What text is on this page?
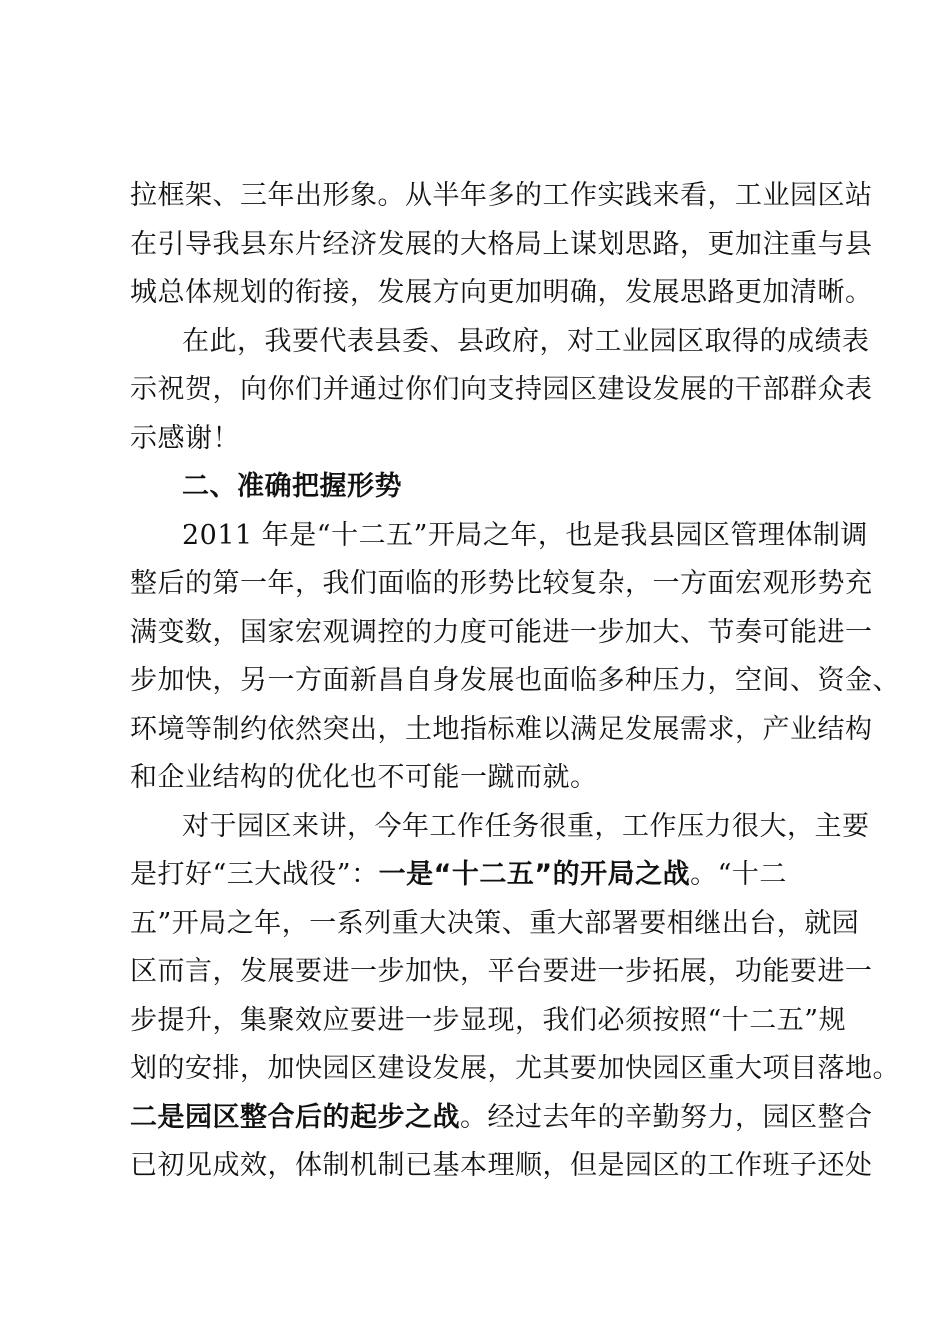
拉框架、三年出形象。从半年多的工作实践来看，工业园区站
在引导我县东片经济发展的大格局上谋划思路，更加注重与县
城总体规划的衔接，发展方向更加明确，发展思路更加清晰。
在此，我要代表县委、县政府，对工业园区取得的成绩表
示祝贺，向你们并通过你们向支持园区建设发展的干部群众表
示感谢！
二、准确把握形势
2011 年是“十二五”开局之年，也是我县园区管理体制调
整后的第一年，我们面临的形势比较复杂，一方面宏观形势充
满变数，国家宏观调控的力度可能进一步加大、节奏可能进一
步加快，另一方面新昌自身发展也面临多种压力，空间、资金、
环境等制约依然突出，土地指标难以满足发展需求，产业结构
和企业结构的优化也不可能一蹴而就。
对于园区来讲，今年工作任务很重，工作压力很大，主要
是打好“三大战役”：一是“十二五”的开局之战。“十二
五”开局之年，一系列重大决策、重大部署要相继出台，就园
区而言，发展要进一步加快，平台要进一步拓展，功能要进一
步提升，集聚效应要进一步显现，我们必须按照“十二五”规
划的安排，加快园区建设发展，尤其要加快园区重大项目落地。
二是园区整合后的起步之战。经过去年的辛勤努力，园区整合
已初见成效，体制机制已基本理顺，但是园区的工作班子还处
